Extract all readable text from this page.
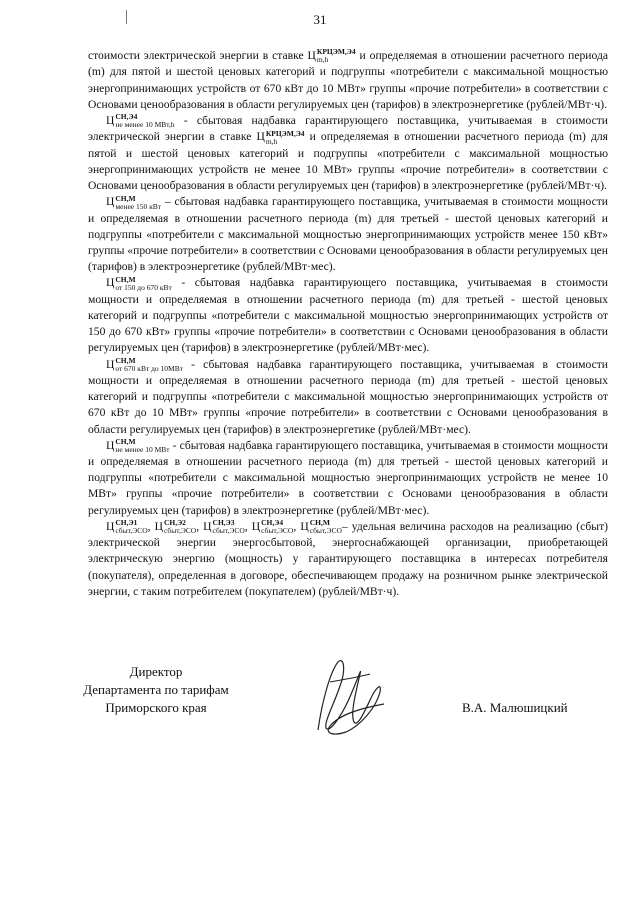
31

стоимости электрической энергии в ставке Ц КРЦЭМ,Э4
m,h	и определяемая в отношении расчетного периода (m) для пятой и шестой ценовых категорий и подгруппы «потребители с максимальной мощностью энергопринимающих устройств от 670 кВт до 10 МВт» группы «прочие потребители» в соответствии с Основами ценообразования в области регулируемых цен (тарифов) в электроэнергетике (рублей/МВт·ч).

Ц СН,Э4
не менее 10 МВт,h - сбытовая надбавка гарантирующего поставщика, учитываемая в стоимости электрической энергии в ставке Ц КРЦЭМ,Э4
m,h	и определяемая в отношении расчетного периода (m) для пятой и шестой ценовых категорий и подгруппы «потребители с максимальной мощностью энергопринимающих устройств не менее 10 МВт» группы «прочие потребители» в соответствии с Основами ценообразования в области регулируемых цен (тарифов) в электроэнергетике (рублей/МВт·ч).

Ц СН,М
менее 150 кВт – сбытовая надбавка гарантирующего поставщика, учитываемая в стоимости мощности и определяемая в отношении расчетного периода (m) для третьей - шестой ценовых категорий и подгруппы «потребители с максимальной мощностью энергопринимающих устройств менее 150 кВт» группы «прочие потребители» в соответствии с Основами ценообразования в области регулируемых цен (тарифов) в электроэнергетике (рублей/МВт·мес).

Ц СН,М
от 150 до 670 кВт - сбытовая надбавка гарантирующего поставщика, учитываемая в стоимости мощности и определяемая в отношении расчетного периода (m) для третьей - шестой ценовых категорий и подгруппы «потребители с максимальной мощностью энергопринимающих устройств от 150 до 670 кВт» группы «прочие потребители» в соответствии с Основами ценообразования в области регулируемых цен (тарифов) в электроэнергетике (рублей/МВт·мес).

Ц СН,М
от 670 кВт до 10МВт - сбытовая надбавка гарантирующего поставщика, учитываемая в стоимости мощности и определяемая в отношении расчетного периода (m) для третьей - шестой ценовых категорий и подгруппы «потребители с максимальной мощностью энергопринимающих устройств от 670 кВт до 10 МВт» группы «прочие потребители» в соответствии с Основами ценообразования в области регулируемых цен (тарифов) в электроэнергетике (рублей/МВт·мес).

Ц СН,М
не менее 10 МВт - сбытовая надбавка гарантирующего поставщика, учитываемая в стоимости мощности и определяемая в отношении расчетного периода (m) для третьей - шестой ценовых категорий и подгруппы «потребители с максимальной мощностью энергопринимающих устройств не менее 10 МВт» группы «прочие потребители» в соответствии с Основами ценообразования в области регулируемых цен (тарифов) в электроэнергетике (рублей/МВт·мес).

Ц СН,Э1
сбыт,ЭСО , Ц СН,Э2
сбыт,ЭСО , Ц СН,Э3
сбыт,ЭСО , Ц СН,Э4
сбыт,ЭСО , Ц СН,М
сбыт,ЭСО – удельная величина расходов на реализацию (сбыт) электрической энергии энергосбытовой, энергоснабжающей организации, приобретающей электрическую энергию (мощность) у гарантирующего поставщика в интересах потребителя (покупателя), определенная в договоре, обеспечивающем продажу на розничном рынке электрической энергии, с таким потребителем (покупателем) (рублей/МВт·ч).

Директор
Департамента по тарифам
Приморского края	В.А. Малюшицкий
